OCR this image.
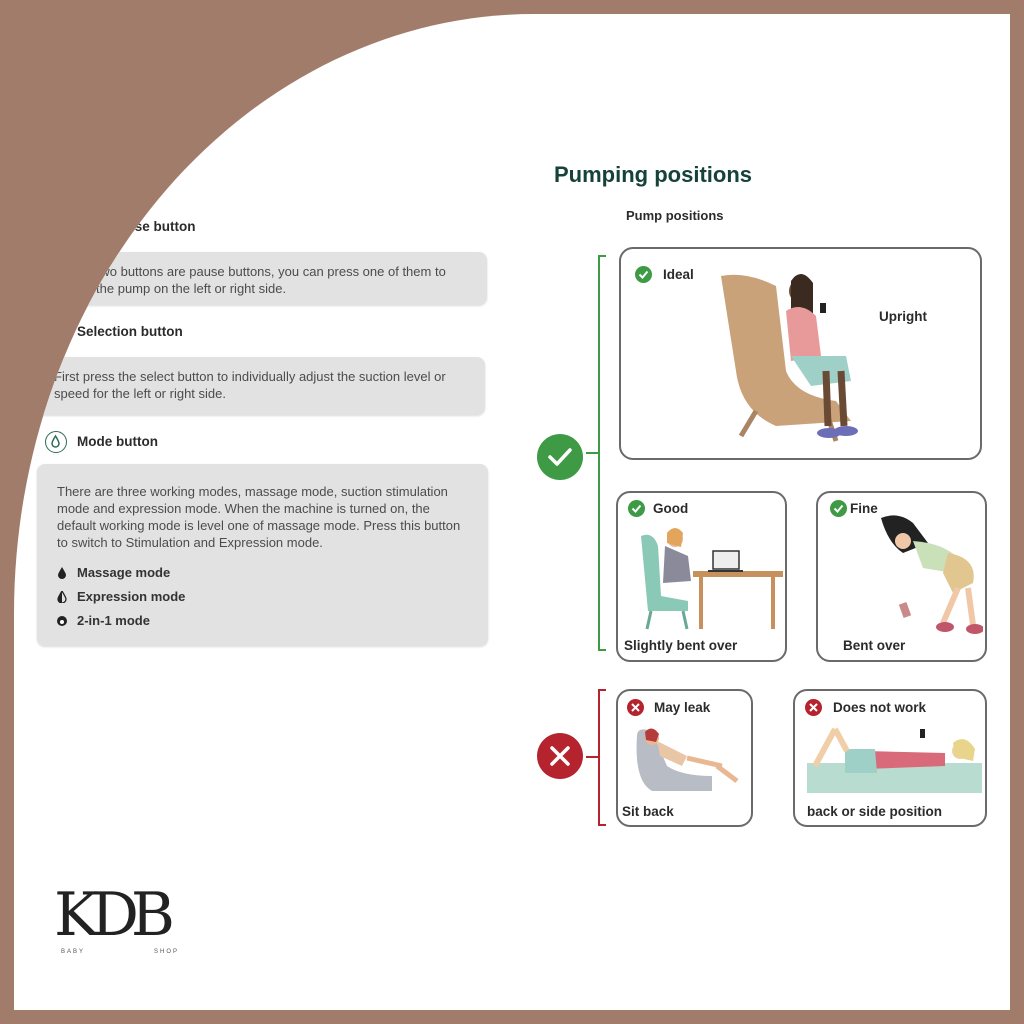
1	2
Pause button
These two buttons are pause buttons, you can press one of them to pause the pump on the left or right side.
SEL Selection button
First press the select button to individually adjust the suction level or speed for the left or right side.
Mode button
There are three working modes, massage mode, suction stimulation mode and expression mode. When the machine is turned on, the default working mode is level one of massage mode. Press this button to switch to Stimulation and Expression mode.
Massage mode
Expression mode
2-in-1 mode
Pumping positions
Pump positions
Ideal
Upright
Good
Slightly bent over
Fine
Bent over
May leak
Sit back
Does not work
back or side position
KDB
BABY	SHOP
